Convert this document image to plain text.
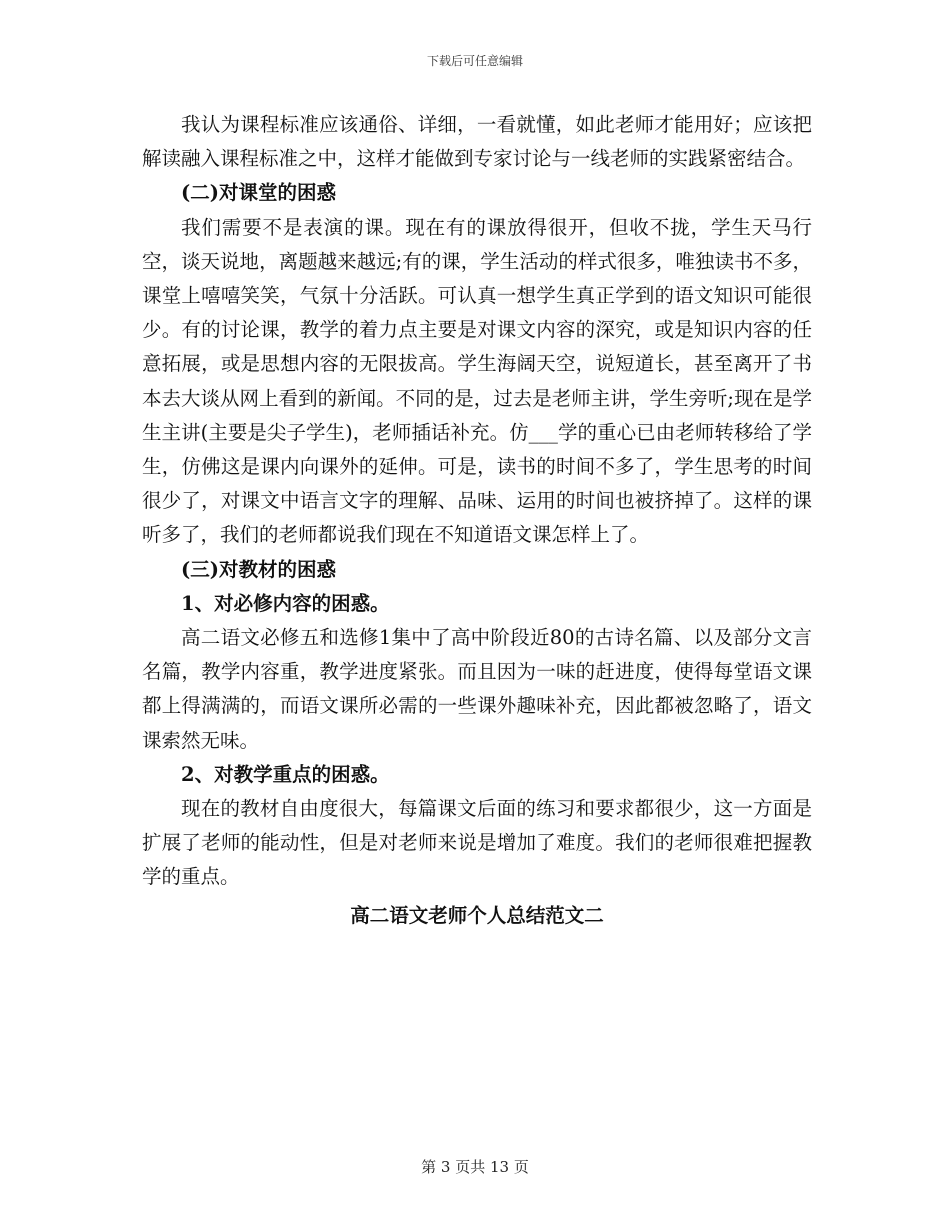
下载后可任意编辑

我认为课程标准应该通俗、详细，一看就懂，如此老师才能用好；应该把解读融入课程标准之中，这样才能做到专家讨论与一线老师的实践紧密结合。

(二)对课堂的困惑

我们需要不是表演的课。现在有的课放得很开，但收不拢，学生天马行空，谈天说地，离题越来越远;有的课，学生活动的样式很多，唯独读书不多，课堂上嘻嘻笑笑，气氛十分活跃。可认真一想学生真正学到的语文知识可能很少。有的讨论课，教学的着力点主要是对课文内容的深究，或是知识内容的任意拓展，或是思想内容的无限拔高。学生海阔天空，说短道长，甚至离开了书本去大谈从网上看到的新闻。不同的是，过去是老师主讲，学生旁听;现在是学生主讲(主要是尖子学生)，老师插话补充。仿___学的重心已由老师转移给了学生，仿佛这是课内向课外的延伸。可是，读书的时间不多了，学生思考的时间很少了，对课文中语言文字的理解、品味、运用的时间也被挤掉了。这样的课听多了，我们的老师都说我们现在不知道语文课怎样上了。

(三)对教材的困惑

1、对必修内容的困惑。

高二语文必修五和选修1集中了高中阶段近80的古诗名篇、以及部分文言名篇，教学内容重，教学进度紧张。而且因为一味的赶进度，使得每堂语文课都上得满满的，而语文课所必需的一些课外趣味补充，因此都被忽略了，语文课索然无味。

2、对教学重点的困惑。

现在的教材自由度很大，每篇课文后面的练习和要求都很少，这一方面是扩展了老师的能动性，但是对老师来说是增加了难度。我们的老师很难把握教学的重点。

高二语文老师个人总结范文二

第 3 页共 13 页
